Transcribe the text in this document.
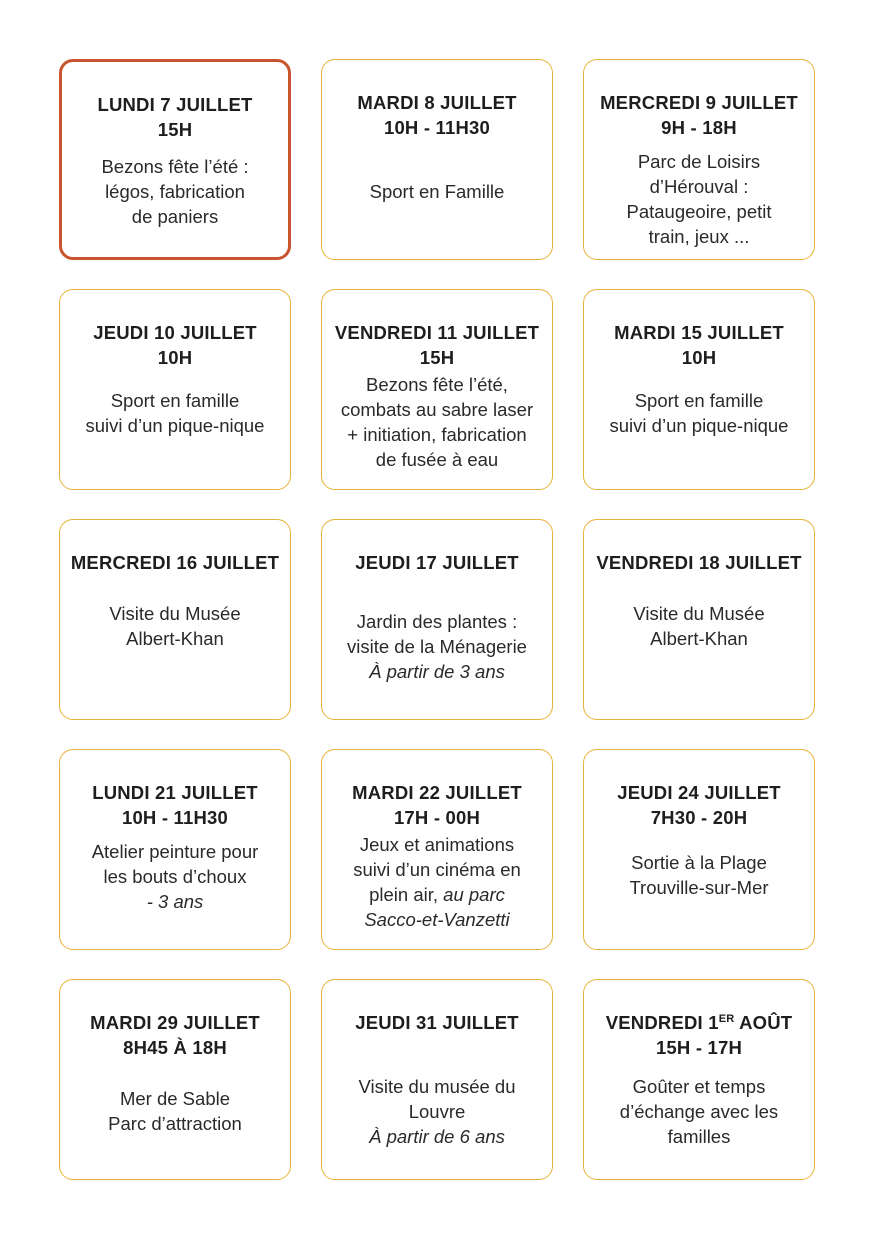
LUNDI 7 JUILLET
15H
Bezons fête l’été :
légos, fabrication
de paniers
MARDI 8 JUILLET
10H - 11H30
Sport en Famille
MERCREDI 9 JUILLET
9H - 18H
Parc de Loisirs
d’Hérouval :
Pataugeoire, petit
train, jeux ...
JEUDI 10 JUILLET
10H
Sport en famille
suivi d’un pique-nique
VENDREDI 11 JUILLET
15H
Bezons fête l’été,
combats au sabre laser
+ initiation, fabrication
de fusée à eau
MARDI 15 JUILLET
10H
Sport en famille
suivi d’un pique-nique
MERCREDI 16 JUILLET
Visite du Musée
Albert-Khan
JEUDI 17 JUILLET
Jardin des plantes :
visite de la Ménagerie
À partir de 3 ans
VENDREDI 18 JUILLET
Visite du Musée
Albert-Khan
LUNDI 21 JUILLET
10H - 11H30
Atelier peinture pour
les bouts d’choux
- 3 ans
MARDI 22 JUILLET
17H - 00H
Jeux et animations
suivi d’un cinéma en
plein air, au parc
Sacco-et-Vanzetti
JEUDI 24 JUILLET
7H30 - 20H
Sortie à la Plage
Trouville-sur-Mer
MARDI 29 JUILLET
8H45 À 18H
Mer de Sable
Parc d’attraction
JEUDI 31 JUILLET
Visite du musée du
Louvre
À partir de 6 ans
VENDREDI 1ER AOÛT
15H - 17H
Goûter et temps
d’échange avec les
familles
